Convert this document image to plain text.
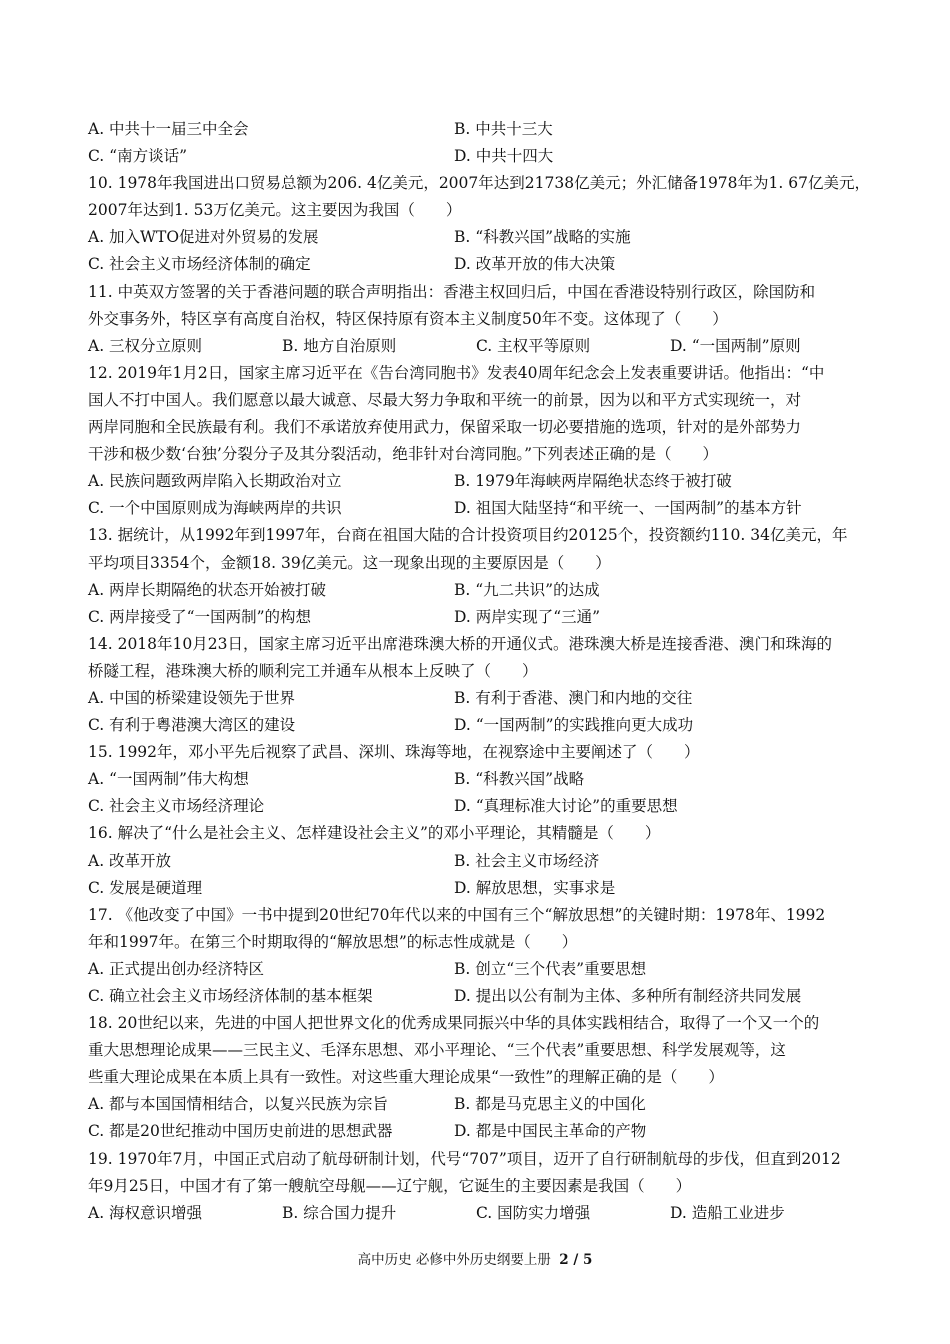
A. 中共十一届三中全会	B. 中共十三大
C. “南方谈话”	D. 中共十四大
10. 1978年我国进出口贸易总额为206. 4亿美元，2007年达到21738亿美元；外汇储备1978年为1. 67亿美元，
2007年达到1. 53万亿美元。这主要因为我国（　　）
A. 加入WTO促进对外贸易的发展	B. “科教兴国”战略的实施
C. 社会主义市场经济体制的确定	D. 改革开放的伟大决策
11. 中英双方签署的关于香港问题的联合声明指出：香港主权回归后，中国在香港设特别行政区，除国防和
外交事务外，特区享有高度自治权，特区保持原有资本主义制度50年不变。这体现了（　　）
A. 三权分立原则	B. 地方自治原则	C. 主权平等原则	D. “一国两制”原则
12. 2019年1月2日，国家主席习近平在《告台湾同胞书》发表40周年纪念会上发表重要讲话。他指出：“中
国人不打中国人。我们愿意以最大诚意、尽最大努力争取和平统一的前景，因为以和平方式实现统一，对
两岸同胞和全民族最有利。我们不承诺放弃使用武力，保留采取一切必要措施的选项，针对的是外部势力
干涉和极少数‘台独’分裂分子及其分裂活动，绝非针对台湾同胞。”下列表述正确的是（　　）
A. 民族问题致两岸陷入长期政治对立	B. 1979年海峡两岸隔绝状态终于被打破
C. 一个中国原则成为海峡两岸的共识	D. 祖国大陆坚持“和平统一、一国两制”的基本方针
13. 据统计，从1992年到1997年，台商在祖国大陆的合计投资项目约20125个，投资额约110. 34亿美元，年
平均项目3354个，金额18. 39亿美元。这一现象出现的主要原因是（　　）
A. 两岸长期隔绝的状态开始被打破	B. “九二共识”的达成
C. 两岸接受了“一国两制”的构想	D. 两岸实现了“三通”
14. 2018年10月23日，国家主席习近平出席港珠澳大桥的开通仪式。港珠澳大桥是连接香港、澳门和珠海的
桥隧工程，港珠澳大桥的顺利完工并通车从根本上反映了（　　）
A. 中国的桥梁建设领先于世界	B. 有利于香港、澳门和内地的交往
C. 有利于粤港澳大湾区的建设	D. “一国两制”的实践推向更大成功
15. 1992年，邓小平先后视察了武昌、深圳、珠海等地，在视察途中主要阐述了（　　）
A. “一国两制”伟大构想	B. “科教兴国”战略
C. 社会主义市场经济理论	D. “真理标准大讨论”的重要思想
16. 解决了“什么是社会主义、怎样建设社会主义”的邓小平理论，其精髓是（　　）
A. 改革开放	B. 社会主义市场经济
C. 发展是硬道理	D. 解放思想，实事求是
17. 《他改变了中国》一书中提到20世纪70年代以来的中国有三个“解放思想”的关键时期：1978年、1992
年和1997年。在第三个时期取得的“解放思想”的标志性成就是（　　）
A. 正式提出创办经济特区	B. 创立“三个代表”重要思想
C. 确立社会主义市场经济体制的基本框架	D. 提出以公有制为主体、多种所有制经济共同发展
18. 20世纪以来，先进的中国人把世界文化的优秀成果同振兴中华的具体实践相结合，取得了一个又一个的
重大思想理论成果——三民主义、毛泽东思想、邓小平理论、“三个代表”重要思想、科学发展观等，这
些重大理论成果在本质上具有一致性。对这些重大理论成果“一致性”的理解正确的是（　　）
A. 都与本国国情相结合，以复兴民族为宗旨	B. 都是马克思主义的中国化
C. 都是20世纪推动中国历史前进的思想武器	D. 都是中国民主革命的产物
19. 1970年7月，中国正式启动了航母研制计划，代号“707”项目，迈开了自行研制航母的步伐，但直到2012
年9月25日，中国才有了第一艘航空母舰——辽宁舰，它诞生的主要因素是我国（　　）
A. 海权意识增强	B. 综合国力提升	C. 国防实力增强	D. 造船工业进步
高中历史 必修中外历史纲要上册 2 / 5
